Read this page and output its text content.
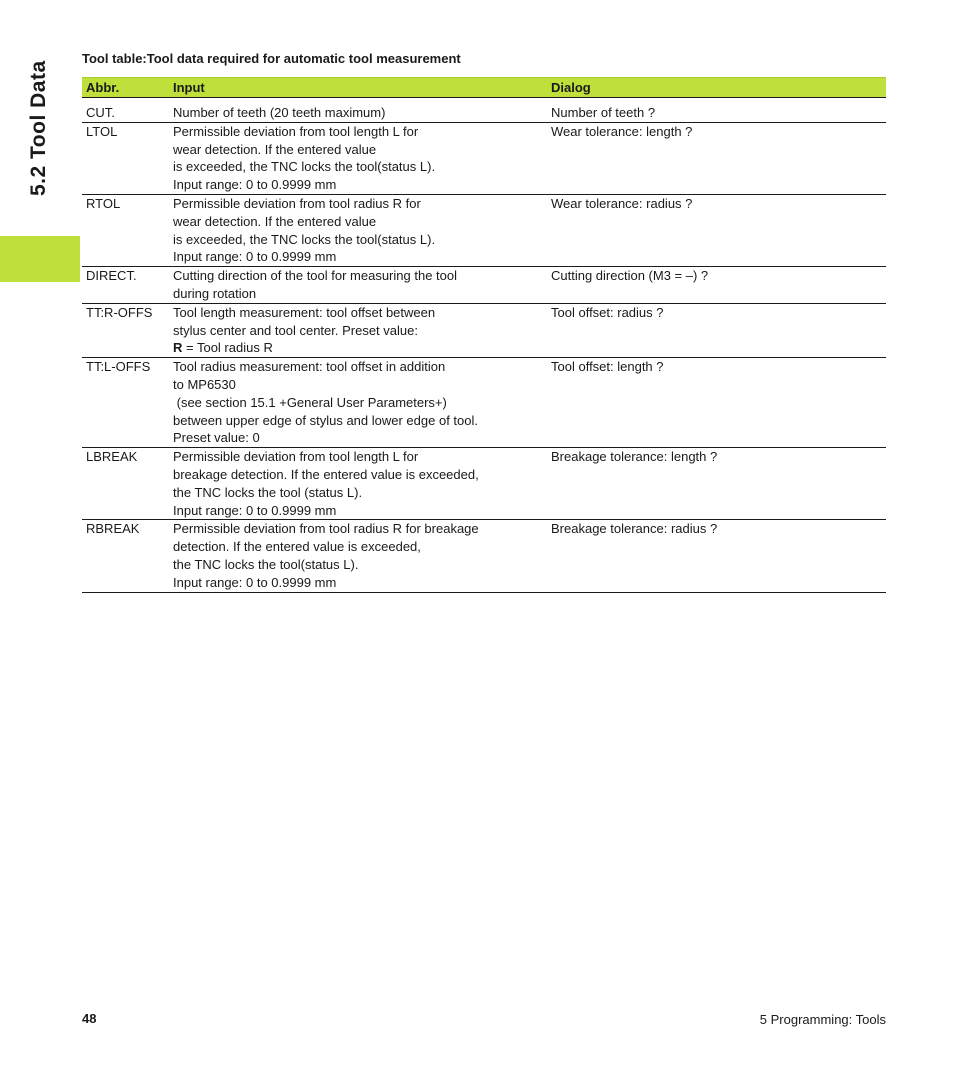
5.2 Tool Data
Tool table:Tool data required for automatic tool measurement
Abbr.	Input	Dialog
CUT.	Number of teeth (20 teeth maximum)	Number of teeth ?
LTOL	Permissible deviation from tool length L for
wear detection. If the entered value
is exceeded, the TNC locks the tool(status L).
Input range: 0 to 0.9999 mm	Wear tolerance: length ?
RTOL	Permissible deviation from tool radius R for
wear detection. If the entered value
is exceeded, the TNC locks the tool(status L).
Input range: 0 to 0.9999 mm	Wear tolerance: radius ?
DIRECT.	Cutting direction of the tool for measuring the tool
during rotation	Cutting direction (M3 = –) ?
TT:R-OFFS	Tool length measurement: tool offset between
stylus center and tool center. Preset value:
R = Tool radius R	Tool offset: radius ?
TT:L-OFFS	Tool radius measurement: tool offset in addition
to MP6530
(see section 15.1 +General User Parameters+)
between upper edge of stylus and lower edge of tool.
Preset value: 0	Tool offset: length ?
LBREAK	Permissible deviation from tool length L for
breakage detection. If the entered value is exceeded,
the TNC locks the tool (status L).
Input range: 0 to 0.9999 mm	Breakage tolerance: length ?
RBREAK	Permissible deviation from tool radius R for breakage
detection. If the entered value is exceeded,
the TNC locks the tool(status L).
Input range: 0 to 0.9999 mm	Breakage tolerance: radius ?
48	5 Programming: Tools
